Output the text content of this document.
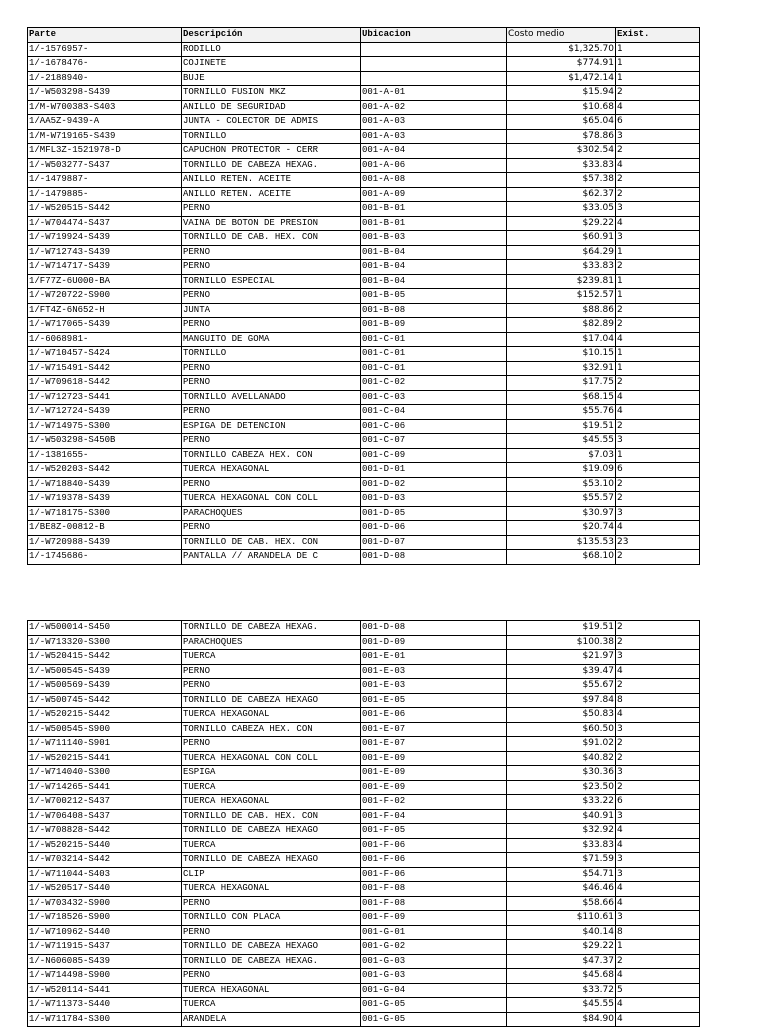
Parte	Descripción	Ubicacion	Costo medio	Exist.
1/-1576957-	RODILLO		$1,325.70	1
1/-1678476-	COJINETE		$774.91	1
1/-2188940-	BUJE		$1,472.14	1
1/-W503298-S439	TORNILLO FUSION MKZ	001-A-01	$15.94	2
1/M-W700383-S403	ANILLO DE SEGURIDAD	001-A-02	$10.68	4
1/AA5Z-9439-A	JUNTA - COLECTOR DE ADMIS	001-A-03	$65.04	6
1/M-W719165-S439	TORNILLO	001-A-03	$78.86	3
1/MFL3Z-1521978-D	CAPUCHON PROTECTOR - CERR	001-A-04	$302.54	2
1/-W503277-S437	TORNILLO DE CABEZA HEXAG.	001-A-06	$33.83	4
1/-1479887-	ANILLO RETEN. ACEITE	001-A-08	$57.38	2
1/-1479885-	ANILLO RETEN. ACEITE	001-A-09	$62.37	2
1/-W520515-S442	PERNO	001-B-01	$33.05	3
1/-W704474-S437	VAINA DE BOTON DE PRESION	001-B-01	$29.22	4
1/-W719924-S439	TORNILLO DE CAB. HEX. CON	001-B-03	$60.91	3
1/-W712743-S439	PERNO	001-B-04	$64.29	1
1/-W714717-S439	PERNO	001-B-04	$33.83	2
1/F77Z-6U000-BA	TORNILLO ESPECIAL	001-B-04	$239.81	1
1/-W720722-S900	PERNO	001-B-05	$152.57	1
1/FT4Z-6N652-H	JUNTA	001-B-08	$88.86	2
1/-W717065-S439	PERNO	001-B-09	$82.89	2
1/-6068981-	MANGUITO DE GOMA	001-C-01	$17.04	4
1/-W710457-S424	TORNILLO	001-C-01	$10.15	1
1/-W715491-S442	PERNO	001-C-01	$32.91	1
1/-W709618-S442	PERNO	001-C-02	$17.75	2
1/-W712723-S441	TORNILLO AVELLANADO	001-C-03	$68.15	4
1/-W712724-S439	PERNO	001-C-04	$55.76	4
1/-W714975-S300	ESPIGA DE DETENCION	001-C-06	$19.51	2
1/-W503298-S450B	PERNO	001-C-07	$45.55	3
1/-1381655-	TORNILLO CABEZA HEX. CON	001-C-09	$7.03	1
1/-W520203-S442	TUERCA HEXAGONAL	001-D-01	$19.09	6
1/-W718840-S439	PERNO	001-D-02	$53.10	2
1/-W719378-S439	TUERCA HEXAGONAL CON COLL	001-D-03	$55.57	2
1/-W718175-S300	PARACHOQUES	001-D-05	$30.97	3
1/BE8Z-00812-B	PERNO	001-D-06	$20.74	4
1/-W720988-S439	TORNILLO DE CAB. HEX. CON	001-D-07	$135.53	23
1/-1745686-	PANTALLA // ARANDELA DE C	001-D-08	$68.10	2
1/-W500014-S450	TORNILLO DE CABEZA HEXAG.	001-D-08	$19.51	2
1/-W713320-S300	PARACHOQUES	001-D-09	$100.38	2
1/-W520415-S442	TUERCA	001-E-01	$21.97	3
1/-W500545-S439	PERNO	001-E-03	$39.47	4
1/-W500569-S439	PERNO	001-E-03	$55.67	2
1/-W500745-S442	TORNILLO DE CABEZA HEXAGO	001-E-05	$97.84	8
1/-W520215-S442	TUERCA HEXAGONAL	001-E-06	$50.83	4
1/-W500545-S900	TORNILLO CABEZA HEX. CON	001-E-07	$60.50	3
1/-W711140-S901	PERNO	001-E-07	$91.02	2
1/-W520215-S441	TUERCA HEXAGONAL CON COLL	001-E-09	$40.82	2
1/-W714040-S300	ESPIGA	001-E-09	$30.36	3
1/-W714265-S441	TUERCA	001-E-09	$23.50	2
1/-W700212-S437	TUERCA HEXAGONAL	001-F-02	$33.22	6
1/-W706408-S437	TORNILLO DE CAB. HEX. CON	001-F-04	$40.91	3
1/-W708828-S442	TORNILLO DE CABEZA HEXAGO	001-F-05	$32.92	4
1/-W520215-S440	TUERCA	001-F-06	$33.83	4
1/-W703214-S442	TORNILLO DE CABEZA HEXAGO	001-F-06	$71.59	3
1/-W711044-S403	CLIP	001-F-06	$54.71	3
1/-W520517-S440	TUERCA HEXAGONAL	001-F-08	$46.46	4
1/-W703432-S900	PERNO	001-F-08	$58.66	4
1/-W718526-S900	TORNILLO CON PLACA	001-F-09	$110.61	3
1/-W710962-S440	PERNO	001-G-01	$40.14	8
1/-W711915-S437	TORNILLO DE CABEZA HEXAGO	001-G-02	$29.22	1
1/-N606085-S439	TORNILLO DE CABEZA HEXAG.	001-G-03	$47.37	2
1/-W714498-S900	PERNO	001-G-03	$45.68	4
1/-W520114-S441	TUERCA HEXAGONAL	001-G-04	$33.72	5
1/-W711373-S440	TUERCA	001-G-05	$45.55	4
1/-W711784-S300	ARANDELA	001-G-05	$84.90	4
